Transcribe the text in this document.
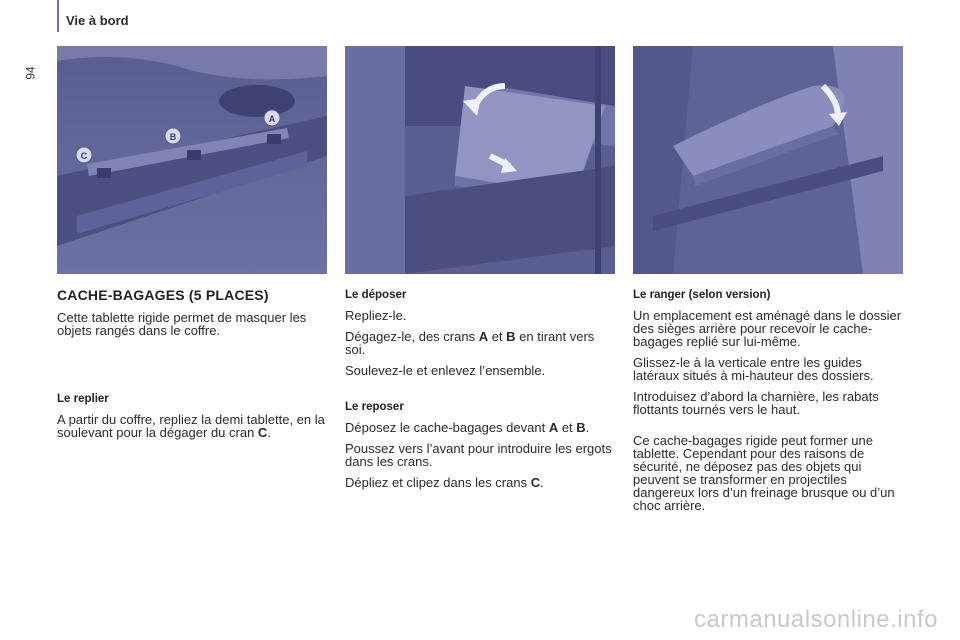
Vie à bord
94
A
B
C
CACHE-BAGAGES (5 PLACES)

Cette tablette rigide permet de masquer les objets rangés dans le coffre.

Le replier

A partir du coffre, repliez la demi tablette, en la soulevant pour la dégager du cran C.

Le déposer

Repliez-le.

Dégagez-le, des crans A et B en tirant vers soi.

Soulevez-le et enlevez l’ensemble.

Le reposer

Déposez le cache-bagages devant A et B.

Poussez vers l’avant pour introduire les ergots dans les crans.

Dépliez et clipez dans les crans C.

Le ranger (selon version)

Un emplacement est aménagé dans le dossier des sièges arrière pour recevoir le cache-bagages replié sur lui-même.

Glissez-le à la verticale entre les guides latéraux situés à mi-hauteur des dossiers.

Introduisez d’abord la charnière, les rabats flottants tournés vers le haut.

Ce cache-bagages rigide peut former une tablette. Cependant pour des raisons de sécurité, ne déposez pas des objets qui peuvent se transformer en projectiles dangereux lors d’un freinage brusque ou d’un choc arrière.

carmanualsonline.info
